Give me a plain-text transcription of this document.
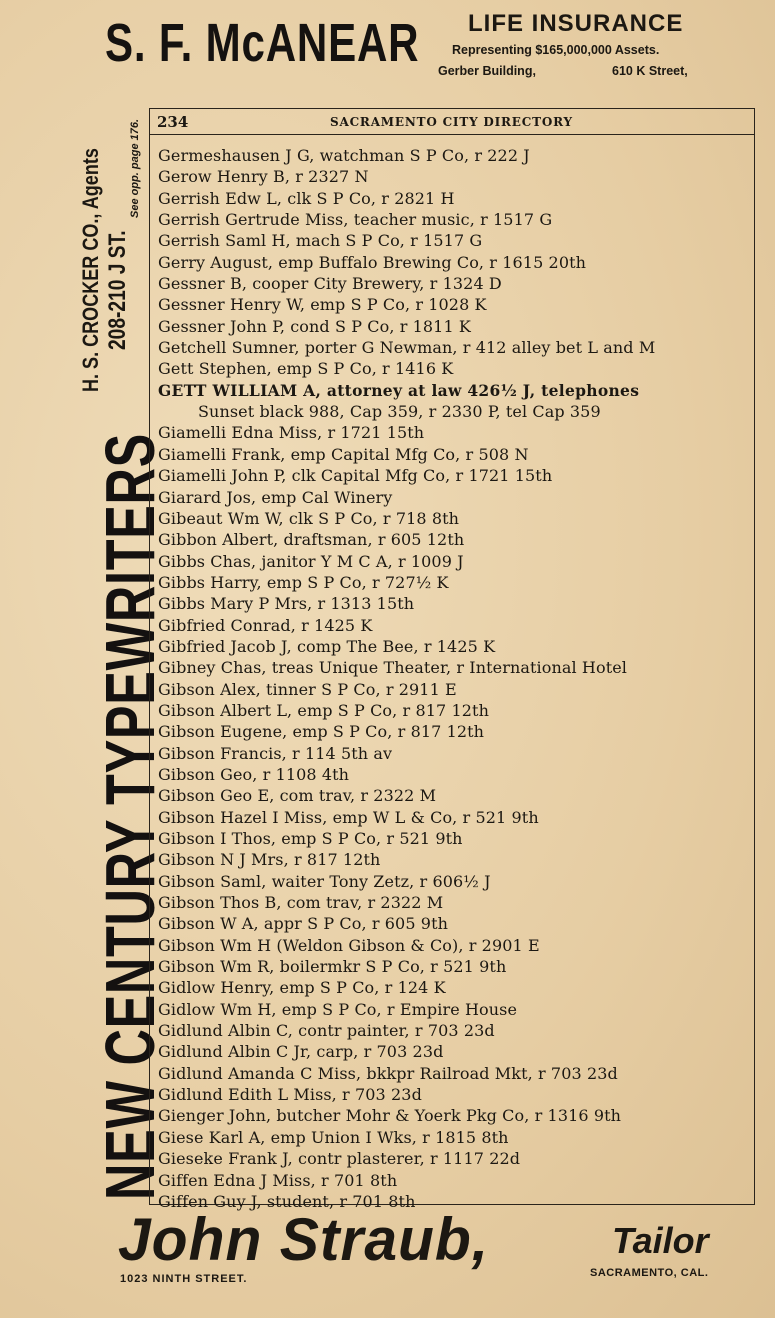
S. F. McANEAR LIFE INSURANCE
Representing $165,000,000 Assets.
Gerber Building,	610 K Street,
NEW CENTURY TYPEWRITERS
H. S. CROCKER CO., Agents 208-210 J ST.
See opp. page 176. 234	SACRAMENTO CITY DIRECTORY
Germeshausen J G, watchman S P Co, r 222 J
Gerow Henry B, r 2327 N
Gerrish Edw L, clk S P Co, r 2821 H
Gerrish Gertrude Miss, teacher music, r 1517 G
Gerrish Saml H, mach S P Co, r 1517 G
Gerry August, emp Buffalo Brewing Co, r 1615 20th
Gessner B, cooper City Brewery, r 1324 D
Gessner Henry W, emp S P Co, r 1028 K
Gessner John P, cond S P Co, r 1811 K
Getchell Sumner, porter G Newman, r 412 alley bet L and M
Gett Stephen, emp S P Co, r 1416 K
GETT WILLIAM A, attorney at law 426½ J, telephones
Sunset black 988, Cap 359, r 2330 P, tel Cap 359
Giamelli Edna Miss, r 1721 15th
Giamelli Frank, emp Capital Mfg Co, r 508 N
Giamelli John P, clk Capital Mfg Co, r 1721 15th
Giarard Jos, emp Cal Winery
Gibeaut Wm W, clk S P Co, r 718 8th
Gibbon Albert, draftsman, r 605 12th
Gibbs Chas, janitor Y M C A, r 1009 J
Gibbs Harry, emp S P Co, r 727½ K
Gibbs Mary P Mrs, r 1313 15th
Gibfried Conrad, r 1425 K
Gibfried Jacob J, comp The Bee, r 1425 K
Gibney Chas, treas Unique Theater, r International Hotel
Gibson Alex, tinner S P Co, r 2911 E
Gibson Albert L, emp S P Co, r 817 12th
Gibson Eugene, emp S P Co, r 817 12th
Gibson Francis, r 114 5th av
Gibson Geo, r 1108 4th
Gibson Geo E, com trav, r 2322 M
Gibson Hazel I Miss, emp W L & Co, r 521 9th
Gibson I Thos, emp S P Co, r 521 9th
Gibson N J Mrs, r 817 12th
Gibson Saml, waiter Tony Zetz, r 606½ J
Gibson Thos B, com trav, r 2322 M
Gibson W A, appr S P Co, r 605 9th
Gibson Wm H (Weldon Gibson & Co), r 2901 E
Gibson Wm R, boilermkr S P Co, r 521 9th
Gidlow Henry, emp S P Co, r 124 K
Gidlow Wm H, emp S P Co, r Empire House
Gidlund Albin C, contr painter, r 703 23d
Gidlund Albin C Jr, carp, r 703 23d
Gidlund Amanda C Miss, bkkpr Railroad Mkt, r 703 23d
Gidlund Edith L Miss, r 703 23d
Gienger John, butcher Mohr & Yoerk Pkg Co, r 1316 9th
Giese Karl A, emp Union I Wks, r 1815 8th
Gieseke Frank J, contr plasterer, r 1117 22d
Giffen Edna J Miss, r 701 8th
Giffen Guy J, student, r 701 8th
John Straub,	Tailor
1023 NINTH STREET.	SACRAMENTO, CAL.
